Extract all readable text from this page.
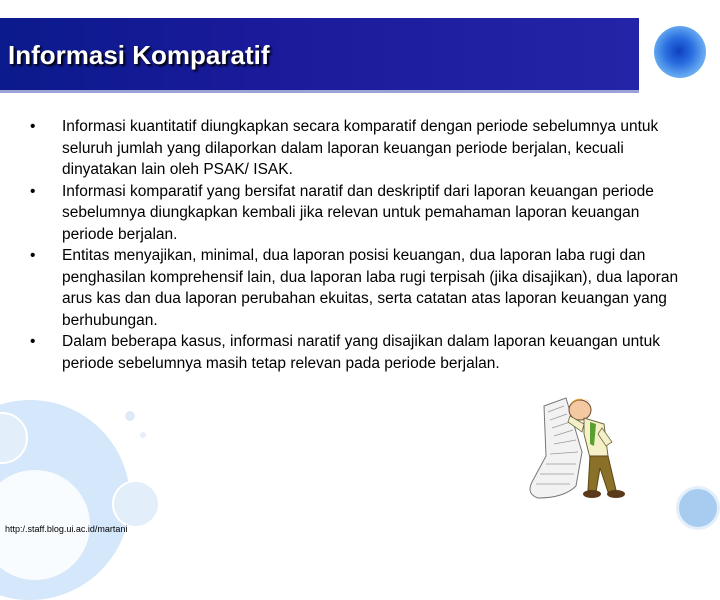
Informasi Komparatif
• Informasi kuantitatif diungkapkan secara komparatif dengan periode sebelumnya untuk seluruh jumlah yang dilaporkan dalam laporan keuangan periode berjalan, kecuali dinyatakan lain oleh PSAK/ ISAK.
• Informasi komparatif yang bersifat naratif dan deskriptif dari laporan keuangan periode sebelumnya diungkapkan kembali jika relevan untuk pemahaman laporan keuangan periode berjalan.
• Entitas menyajikan, minimal, dua laporan posisi keuangan, dua laporan laba rugi dan penghasilan komprehensif lain, dua laporan laba rugi terpisah (jika disajikan), dua laporan arus kas dan dua laporan perubahan ekuitas, serta catatan atas laporan keuangan yang berhubungan.
• Dalam beberapa kasus, informasi naratif yang disajikan dalam laporan keuangan untuk periode sebelumnya masih tetap relevan pada periode berjalan.
http:/.staff.blog.ui.ac.id/martani
